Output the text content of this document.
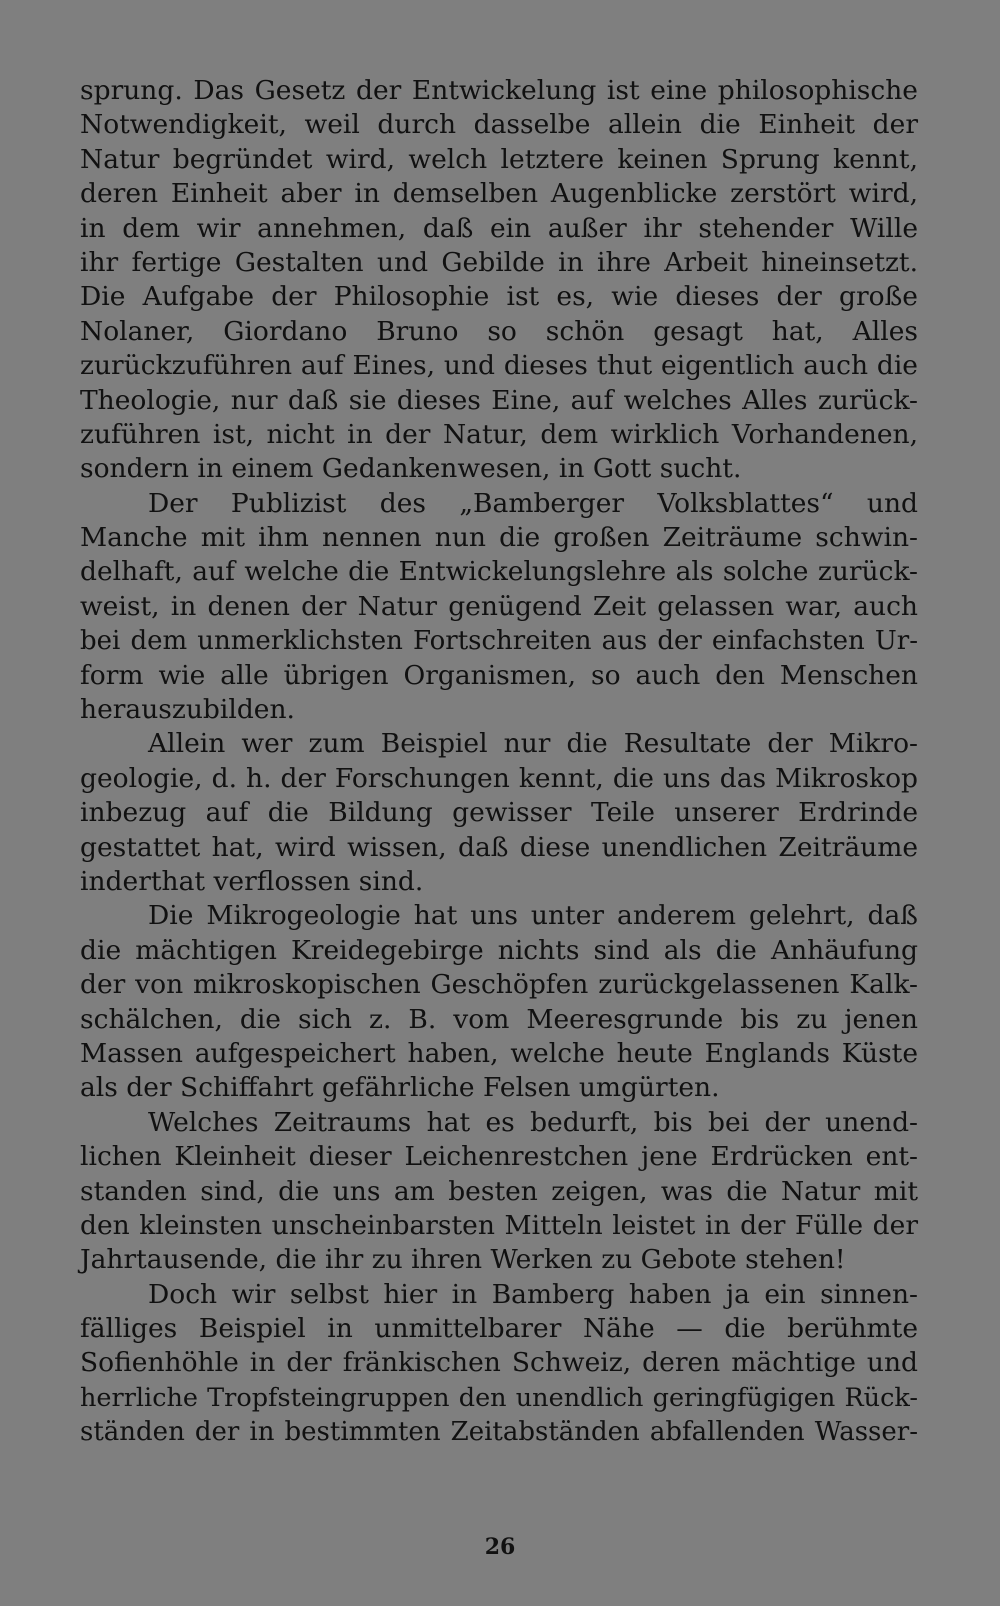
sprung. Das Gesetz der Entwickelung ist eine philosophische
Notwendigkeit, weil durch dasselbe allein die Einheit der
Natur begründet wird, welch letztere keinen Sprung kennt,
deren Einheit aber in demselben Augenblicke zerstört wird,
in dem wir annehmen, daß ein außer ihr stehender Wille
ihr fertige Gestalten und Gebilde in ihre Arbeit hineinsetzt.
Die Aufgabe der Philosophie ist es, wie dieses der große
Nolaner, Giordano Bruno so schön gesagt hat, Alles
zurückzuführen auf Eines, und dieses thut eigentlich auch die
Theologie, nur daß sie dieses Eine, auf welches Alles zurück-
zuführen ist, nicht in der Natur, dem wirklich Vorhandenen,
sondern in einem Gedankenwesen, in Gott sucht.

Der Publizist des „Bamberger Volksblattes“ und
Manche mit ihm nennen nun die großen Zeiträume schwin-
delhaft, auf welche die Entwickelungslehre als solche zurück-
weist, in denen der Natur genügend Zeit gelassen war, auch
bei dem unmerklichsten Fortschreiten aus der einfachsten Ur-
form wie alle übrigen Organismen, so auch den Menschen
herauszubilden.

Allein wer zum Beispiel nur die Resultate der Mikro-
geologie, d. h. der Forschungen kennt, die uns das Mikroskop
inbezug auf die Bildung gewisser Teile unserer Erdrinde
gestattet hat, wird wissen, daß diese unendlichen Zeiträume
inderthat verflossen sind.

Die Mikrogeologie hat uns unter anderem gelehrt, daß
die mächtigen Kreidegebirge nichts sind als die Anhäufung
der von mikroskopischen Geschöpfen zurückgelassenen Kalk-
schälchen, die sich z. B. vom Meeresgrunde bis zu jenen
Massen aufgespeichert haben, welche heute Englands Küste
als der Schiffahrt gefährliche Felsen umgürten.

Welches Zeitraums hat es bedurft, bis bei der unend-
lichen Kleinheit dieser Leichenrestchen jene Erdrücken ent-
standen sind, die uns am besten zeigen, was die Natur mit
den kleinsten unscheinbarsten Mitteln leistet in der Fülle der
Jahrtausende, die ihr zu ihren Werken zu Gebote stehen!

Doch wir selbst hier in Bamberg haben ja ein sinnen-
fälliges Beispiel in unmittelbarer Nähe — die berühmte
Sofienhöhle in der fränkischen Schweiz, deren mächtige und
herrliche Tropfsteingruppen den unendlich geringfügigen Rück-
ständen der in bestimmten Zeitabständen abfallenden Wasser-

26
